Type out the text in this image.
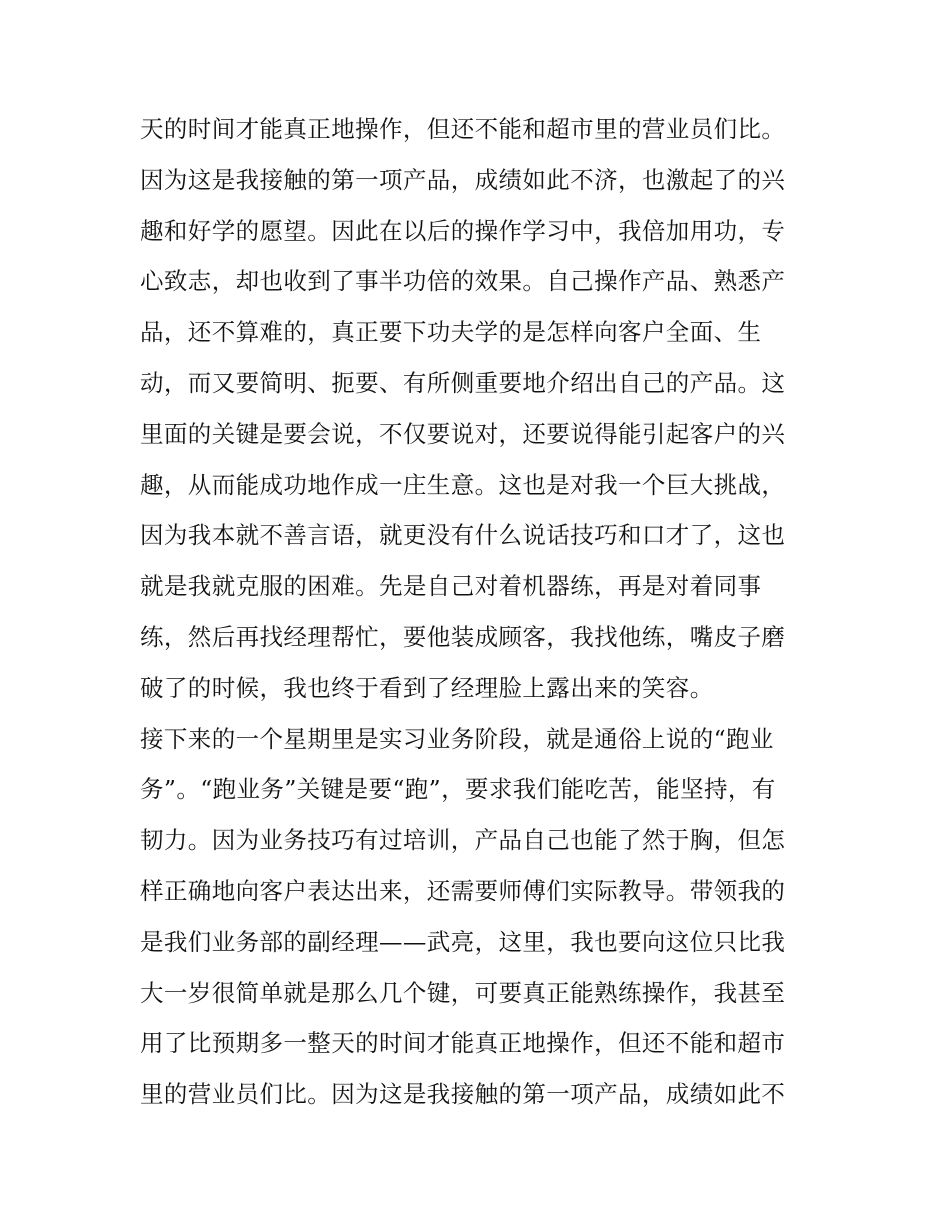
天的时间才能真正地操作，但还不能和超市里的营业员们比。
因为这是我接触的第一项产品，成绩如此不济，也激起了的兴
趣和好学的愿望。因此在以后的操作学习中，我倍加用功，专
心致志，却也收到了事半功倍的效果。自己操作产品、熟悉产
品，还不算难的，真正要下功夫学的是怎样向客户全面、生
动，而又要简明、扼要、有所侧重要地介绍出自己的产品。这
里面的关键是要会说，不仅要说对，还要说得能引起客户的兴
趣，从而能成功地作成一庄生意。这也是对我一个巨大挑战，
因为我本就不善言语，就更没有什么说话技巧和口才了，这也
就是我就克服的困难。先是自己对着机器练，再是对着同事
练，然后再找经理帮忙，要他装成顾客，我找他练，嘴皮子磨
破了的时候，我也终于看到了经理脸上露出来的笑容。
接下来的一个星期里是实习业务阶段，就是通俗上说的“跑业
务”。“跑业务”关键是要“跑”，要求我们能吃苦，能坚持，有
韧力。因为业务技巧有过培训，产品自己也能了然于胸，但怎
样正确地向客户表达出来，还需要师傅们实际教导。带领我的
是我们业务部的副经理——武亮，这里，我也要向这位只比我
大一岁很简单就是那么几个键，可要真正能熟练操作，我甚至
用了比预期多一整天的时间才能真正地操作，但还不能和超市
里的营业员们比。因为这是我接触的第一项产品，成绩如此不
